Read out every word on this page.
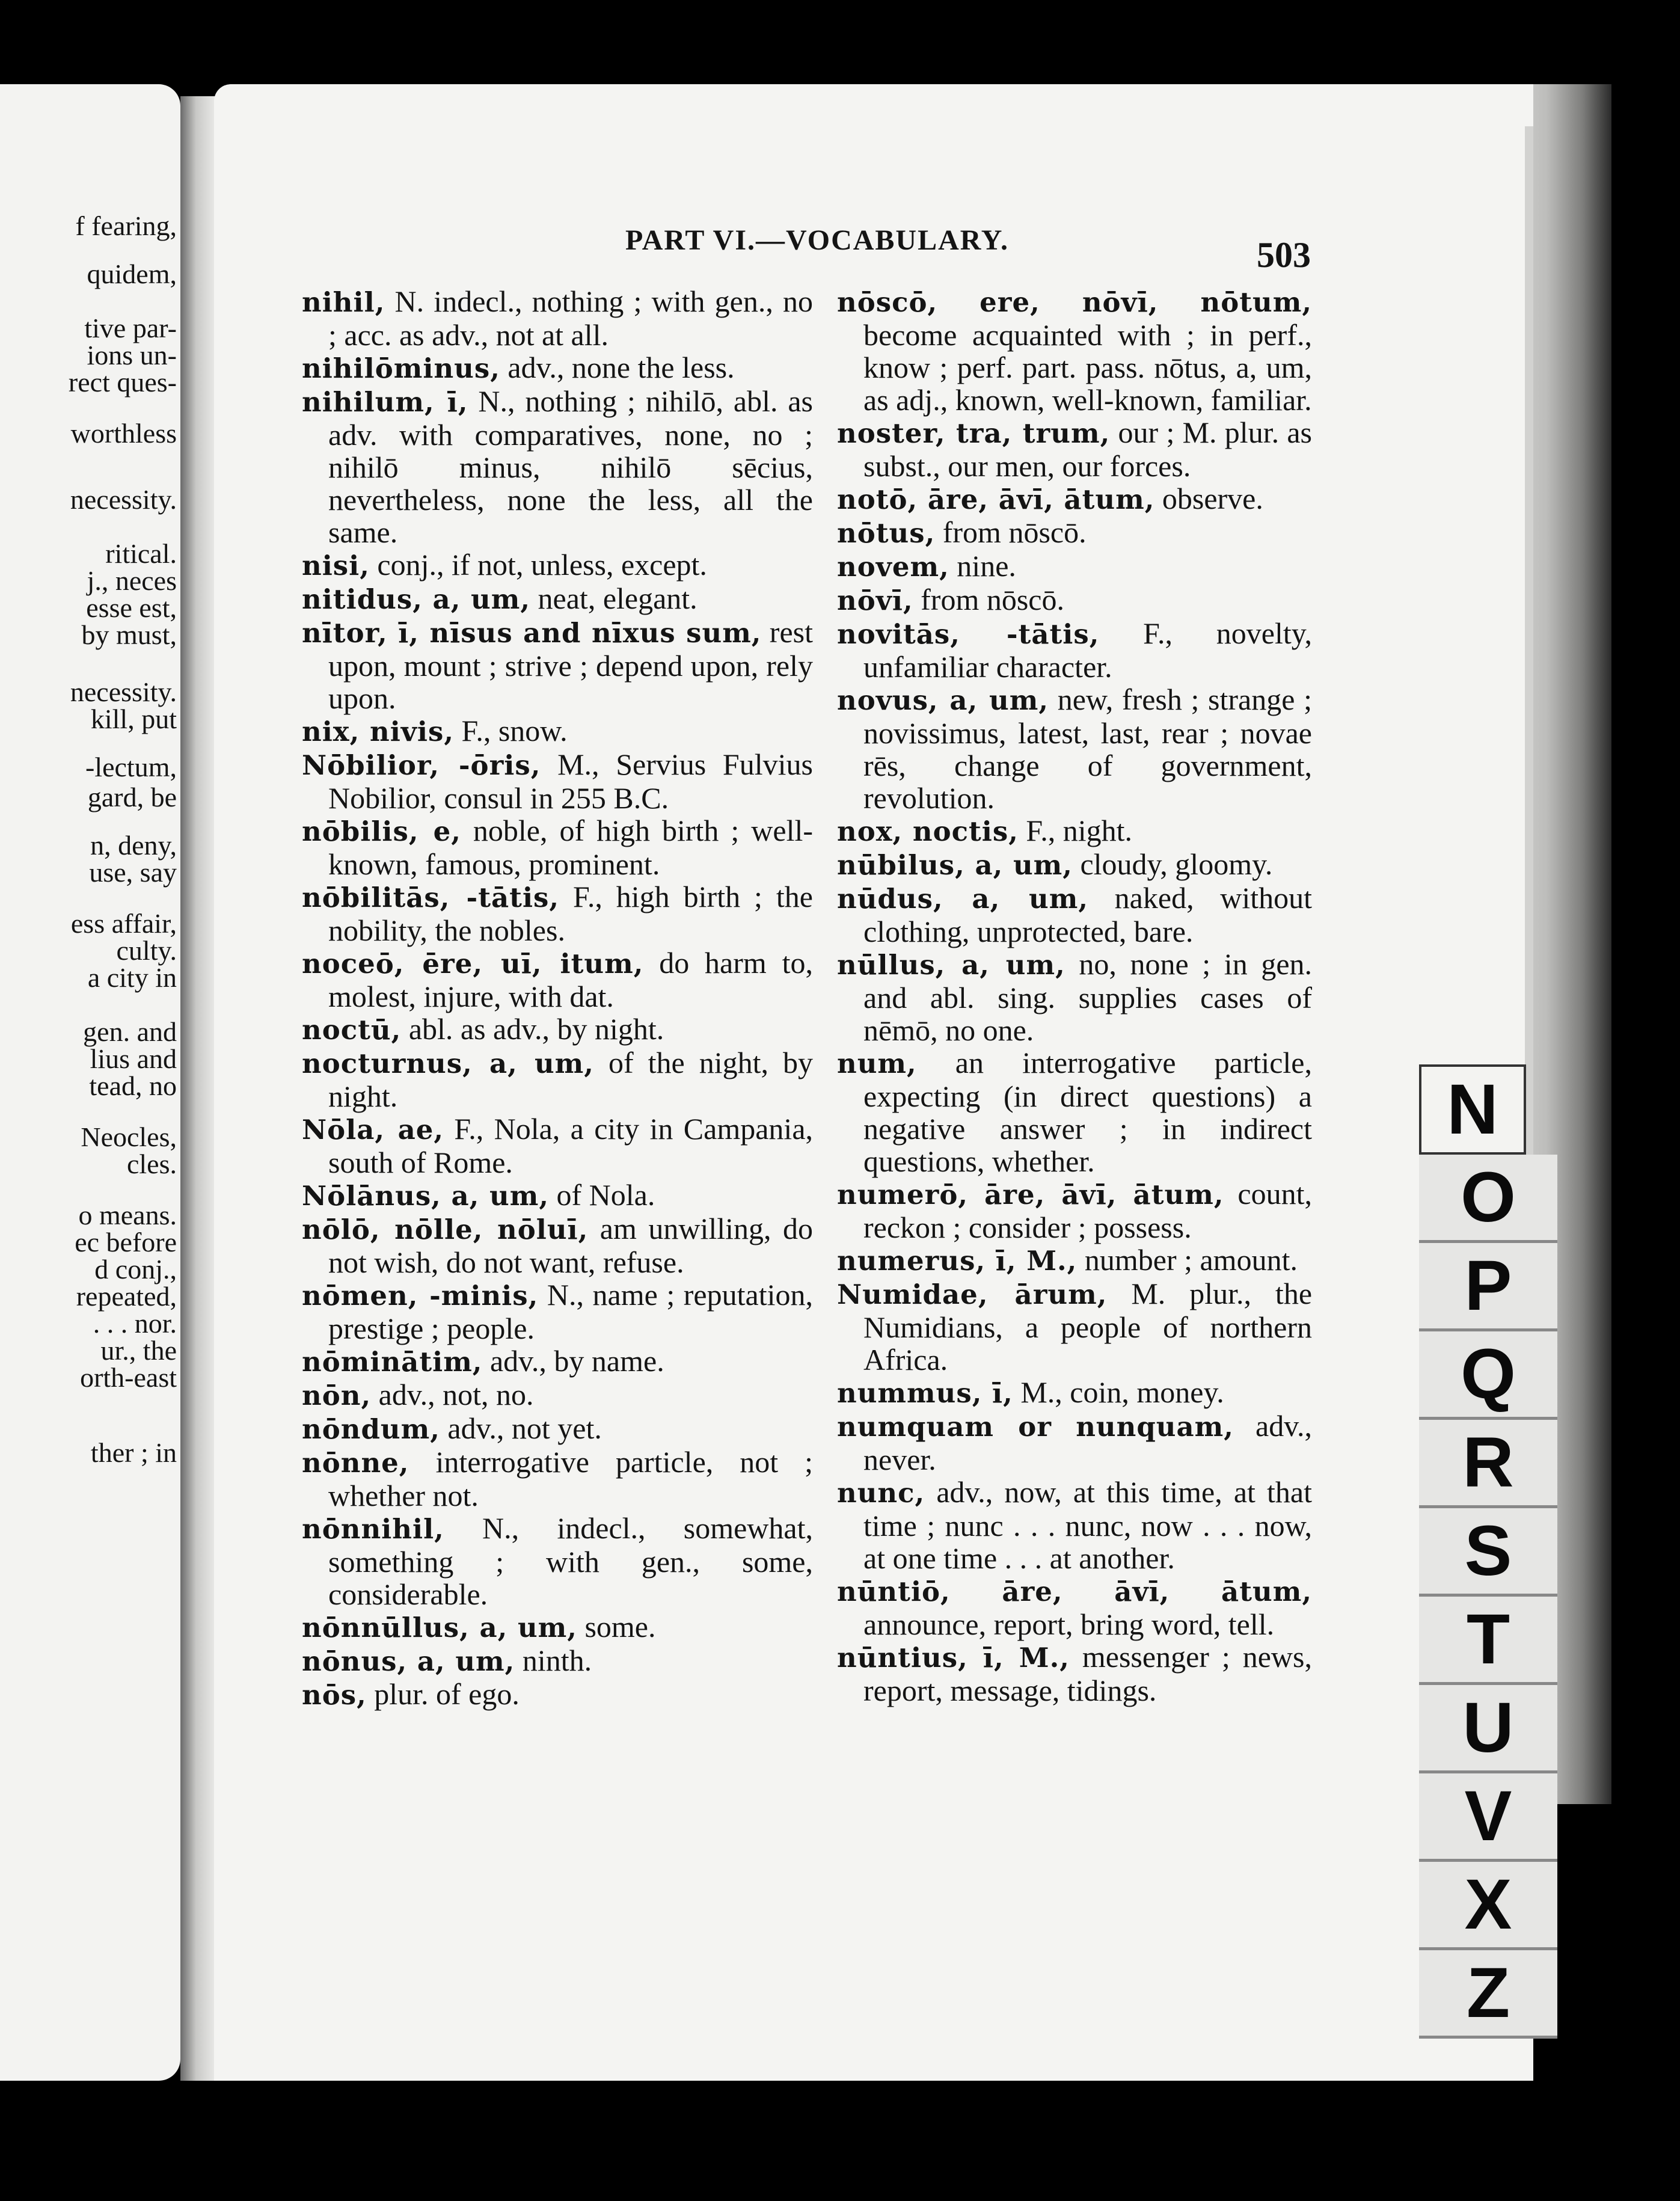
f fearing,
quidem,
tive par-
ions un-
rect ques-
worthless
necessity.
ritical.
j., neces
esse est,
by must,
necessity.
kill, put
-lectum,
gard, be
n, deny,
use, say
ess affair,
culty.
a city in
gen. and
lius and
tead, no
Neocles,
cles.
o means.
ec before
d conj.,
repeated,
. . . nor.
ur., the
orth-east
ther ; in
PART VI.—VOCABULARY.	503

nihil, N. indecl., nothing ; with gen., no ; acc. as adv., not at all.

nihilōminus, adv., none the less.

nihilum, ī, N., nothing ; nihilō, abl. as adv. with comparatives, none, no ; nihilō minus, nihilō sēcius, nevertheless, none the less, all the same.

nisi, conj., if not, unless, except.

nitidus, a, um, neat, elegant.

nītor, ī, nīsus and nīxus sum, rest upon, mount ; strive ; depend upon, rely upon.

nix, nivis, F., snow.

Nōbilior, -ōris, M., Servius Fulvius Nobilior, consul in 255 B.C.

nōbilis, e, noble, of high birth ; well-known, famous, prominent.

nōbilitās, -tātis, F., high birth ; the nobility, the nobles.

noceō, ēre, uī, itum, do harm to, molest, injure, with dat.

noctū, abl. as adv., by night.

nocturnus, a, um, of the night, by night.

Nōla, ae, F., Nola, a city in Campania, south of Rome.

Nōlānus, a, um, of Nola.

nōlō, nōlle, nōluī, am unwilling, do not wish, do not want, refuse.

nōmen, -minis, N., name ; reputation, prestige ; people.

nōminātim, adv., by name.

nōn, adv., not, no.

nōndum, adv., not yet.

nōnne, interrogative particle, not ; whether not.

nōnnihil, N., indecl., somewhat, something ; with gen., some, considerable.

nōnnūllus, a, um, some.

nōnus, a, um, ninth.

nōs, plur. of ego.

nōscō, ere, nōvī, nōtum, become acquainted with ; in perf., know ; perf. part. pass. nōtus, a, um, as adj., known, well-known, familiar.

noster, tra, trum, our ; M. plur. as subst., our men, our forces.

notō, āre, āvī, ātum, observe.

nōtus, from nōscō.

novem, nine.

nōvī, from nōscō.

novitās, -tātis, F., novelty, unfamiliar character.

novus, a, um, new, fresh ; strange ; novissimus, latest, last, rear ; novae rēs, change of government, revolution.

nox, noctis, F., night.

nūbilus, a, um, cloudy, gloomy.

nūdus, a, um, naked, without clothing, unprotected, bare.

nūllus, a, um, no, none ; in gen. and abl. sing. supplies cases of nēmō, no one.

num, an interrogative particle, expecting (in direct questions) a negative answer ; in indirect questions, whether.

numerō, āre, āvī, ātum, count, reckon ; consider ; possess.

numerus, ī, M., number ; amount.

Numidae, ārum, M. plur., the Numidians, a people of northern Africa.

nummus, ī, M., coin, money.

numquam or nunquam, adv., never.

nunc, adv., now, at this time, at that time ; nunc . . . nunc, now . . . now, at one time . . . at another.

nūntiō, āre, āvī, ātum, announce, report, bring word, tell.

nūntius, ī, M., messenger ; news, report, message, tidings.

N
O
P
Q
R
S
T
U
V
X
Z
